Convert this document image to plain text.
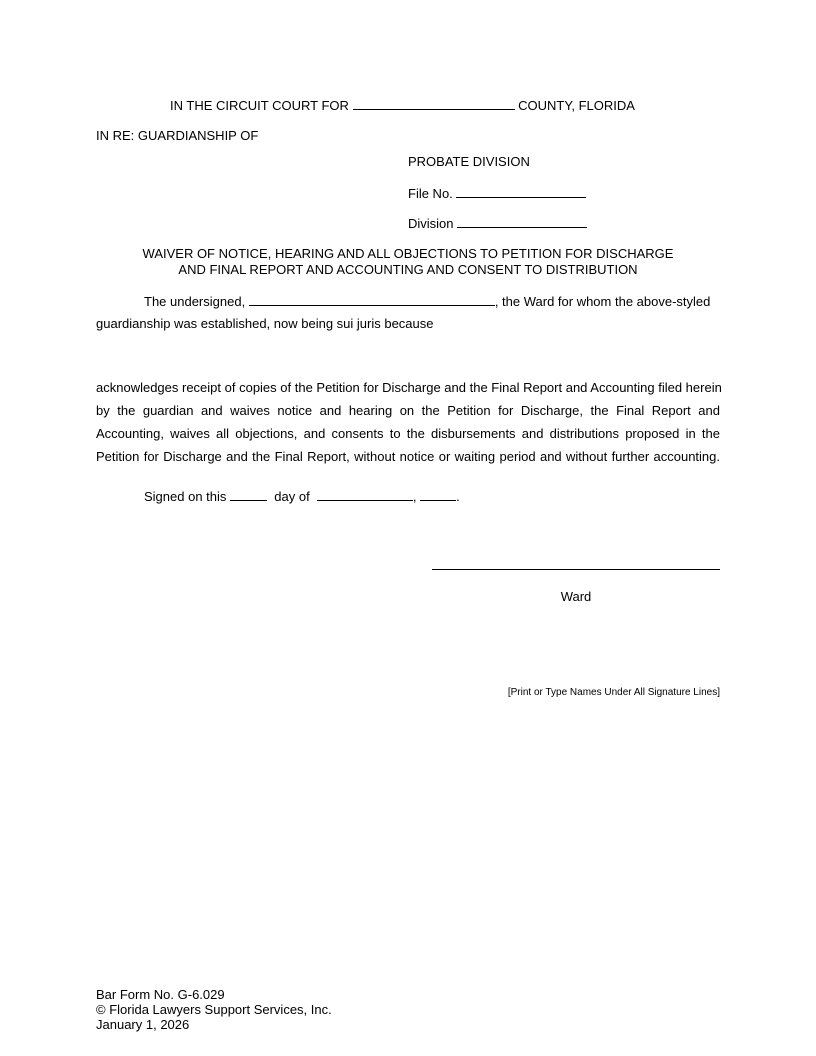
IN THE CIRCUIT COURT FOR	COUNTY, FLORIDA
IN RE: GUARDIANSHIP OF
PROBATE DIVISION
File No.
Division
WAIVER OF NOTICE, HEARING AND ALL OBJECTIONS TO PETITION FOR DISCHARGE
AND FINAL REPORT AND ACCOUNTING AND CONSENT TO DISTRIBUTION
The undersigned,	, the Ward for whom the above-styled
guardianship was established, now being sui juris because
acknowledges receipt of copies of the Petition for Discharge and the Final Report and Accounting filed herein
by the guardian and waives notice and hearing on the Petition for Discharge, the Final Report and
Accounting, waives all objections, and consents to the disbursements and distributions proposed in the
Petition for Discharge and the Final Report, without notice or waiting period and without further accounting.
Signed on this	day of	,	.
Ward
[Print or Type Names Under All Signature Lines]
Bar Form No. G-6.029
© Florida Lawyers Support Services, Inc.
January 1, 2026
